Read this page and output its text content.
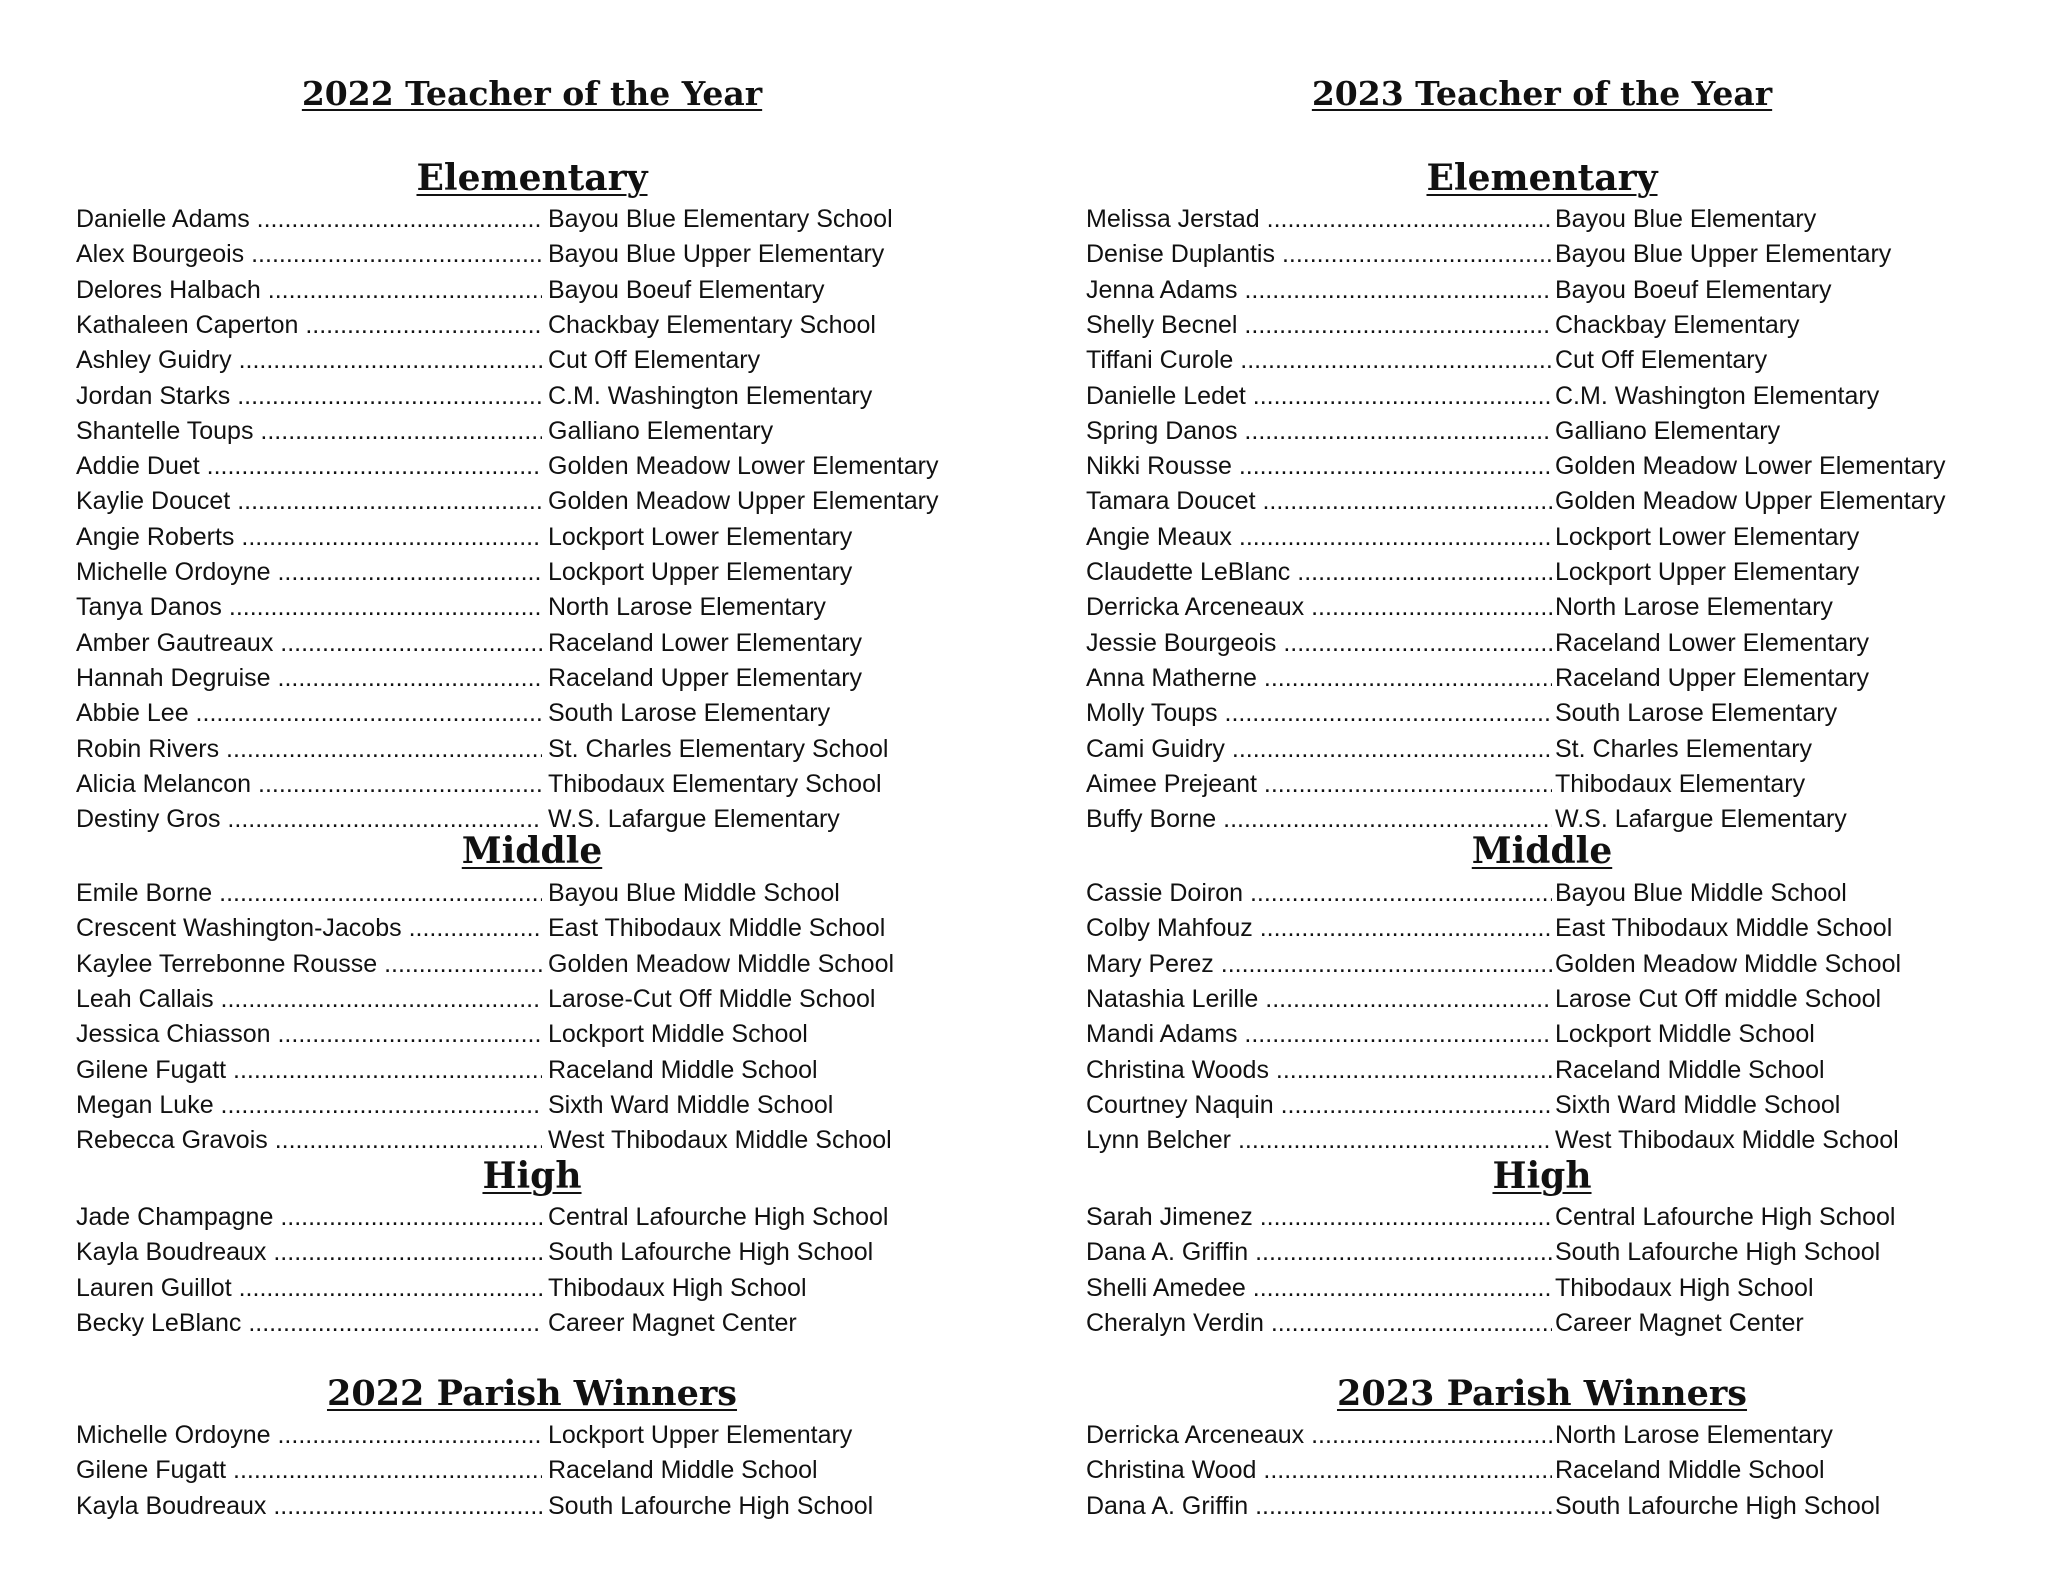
2022 Teacher of the Year
Elementary
Danielle Adams .....	Bayou Blue Elementary School
Alex Bourgeois .....	Bayou Blue Upper Elementary
Delores Halbach .....	Bayou Boeuf Elementary
Kathaleen Caperton .....	Chackbay Elementary School
Ashley Guidry .....	Cut Off Elementary
Jordan Starks .....	C.M. Washington Elementary
Shantelle Toups .....	Galliano Elementary
Addie Duet .....	Golden Meadow Lower Elementary
Kaylie Doucet .....	Golden Meadow Upper Elementary
Angie Roberts .....	Lockport Lower Elementary
Michelle Ordoyne .....	Lockport Upper Elementary
Tanya Danos .....	North Larose Elementary
Amber Gautreaux .....	Raceland Lower Elementary
Hannah Degruise .....	Raceland Upper Elementary
Abbie Lee .....	South Larose Elementary
Robin Rivers .....	St. Charles Elementary School
Alicia Melancon .....	Thibodaux Elementary School
Destiny Gros .....	W.S. Lafargue Elementary
Middle
Emile Borne .....	Bayou Blue Middle School
Crescent Washington-Jacobs .....	East Thibodaux Middle School
Kaylee Terrebonne Rousse .....	Golden Meadow Middle School
Leah Callais .....	Larose-Cut Off Middle School
Jessica Chiasson .....	Lockport Middle School
Gilene Fugatt .....	Raceland Middle School
Megan Luke .....	Sixth Ward Middle School
Rebecca Gravois .....	West Thibodaux Middle School
High
Jade Champagne .....	Central Lafourche High School
Kayla Boudreaux .....	South Lafourche High School
Lauren Guillot .....	Thibodaux High School
Becky LeBlanc .....	Career Magnet Center
2022 Parish Winners
Michelle Ordoyne .....	Lockport Upper Elementary
Gilene Fugatt .....	Raceland Middle School
Kayla Boudreaux .....	South Lafourche High School
2023 Teacher of the Year
Elementary
Melissa Jerstad .....	Bayou Blue Elementary
Denise Duplantis .....	Bayou Blue Upper Elementary
Jenna Adams .....	Bayou Boeuf Elementary
Shelly Becnel .....	Chackbay Elementary
Tiffani Curole .....	Cut Off Elementary
Danielle Ledet .....	C.M. Washington Elementary
Spring Danos .....	Galliano Elementary
Nikki Rousse .....	Golden Meadow Lower Elementary
Tamara Doucet .....	Golden Meadow Upper Elementary
Angie Meaux .....	Lockport Lower Elementary
Claudette LeBlanc .....	Lockport Upper Elementary
Derricka Arceneaux .....	North Larose Elementary
Jessie Bourgeois .....	Raceland Lower Elementary
Anna Matherne .....	Raceland Upper Elementary
Molly Toups .....	South Larose Elementary
Cami Guidry .....	St. Charles Elementary
Aimee Prejeant .....	Thibodaux Elementary
Buffy Borne .....	W.S. Lafargue Elementary
Middle
Cassie Doiron .....	Bayou Blue Middle School
Colby Mahfouz .....	East Thibodaux Middle School
Mary Perez .....	Golden Meadow Middle School
Natashia Lerille .....	Larose Cut Off middle School
Mandi Adams .....	Lockport Middle School
Christina Woods .....	Raceland Middle School
Courtney Naquin .....	Sixth Ward Middle School
Lynn Belcher .....	West Thibodaux Middle School
High
Sarah Jimenez .....	Central Lafourche High School
Dana A. Griffin .....	South Lafourche High School
Shelli Amedee .....	Thibodaux High School
Cheralyn Verdin .....	Career Magnet Center
2023 Parish Winners
Derricka Arceneaux .....	North Larose Elementary
Christina Wood .....	Raceland Middle School
Dana A. Griffin .....	South Lafourche High School
